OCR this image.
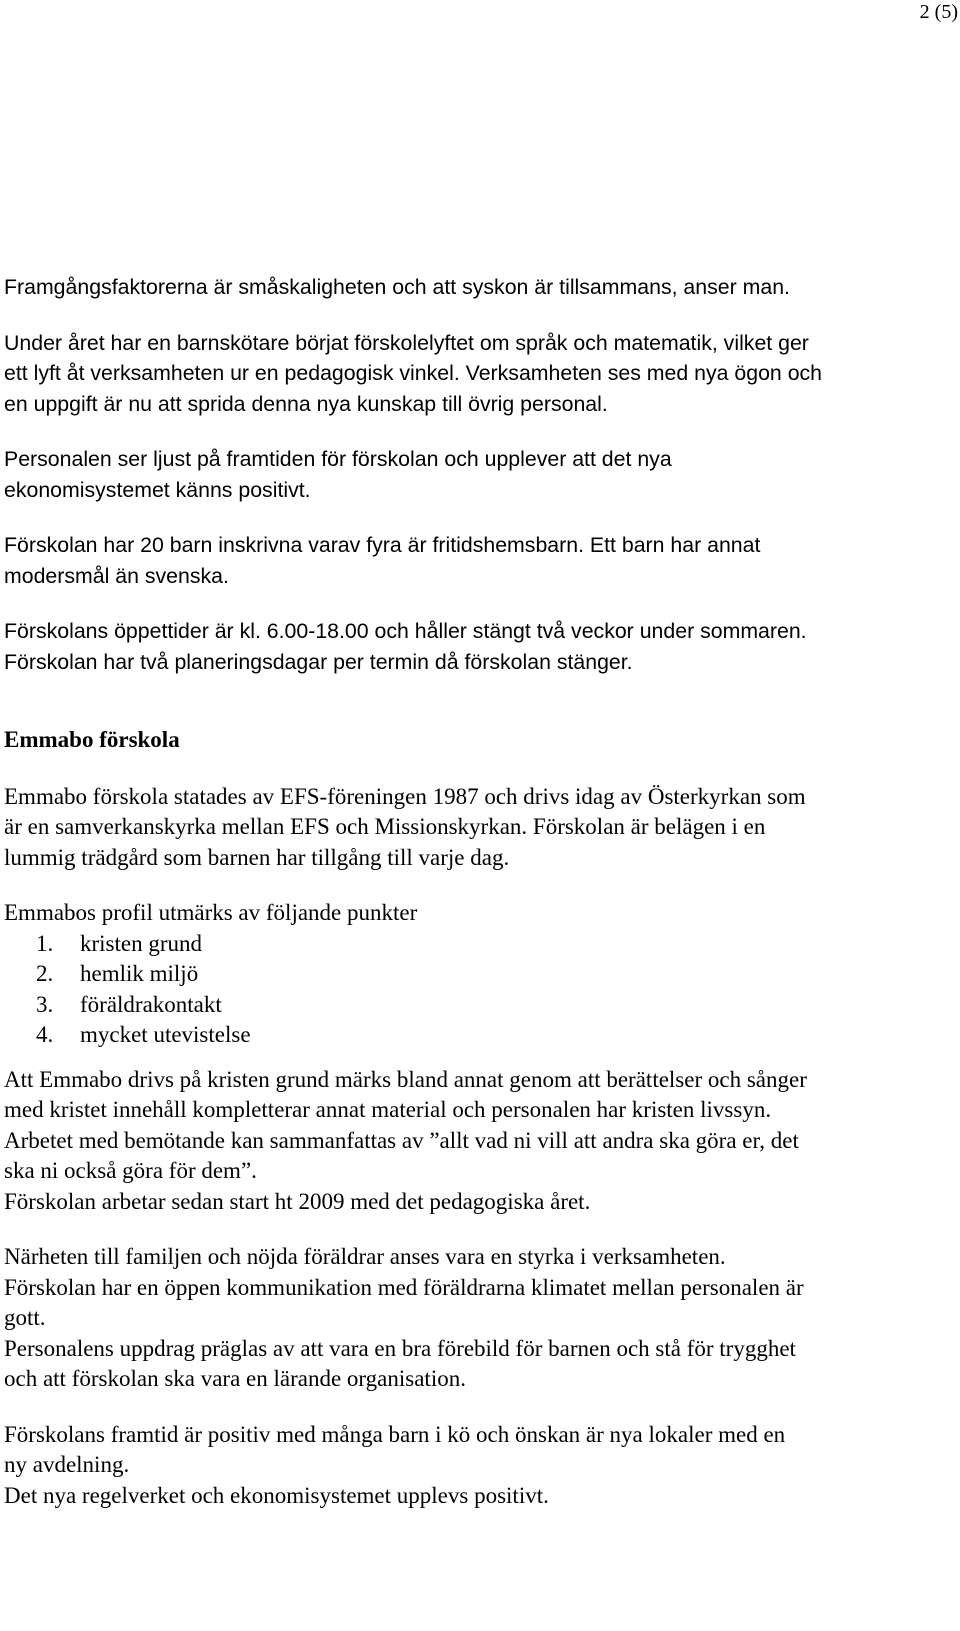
2 (5)

Framgångsfaktorerna är småskaligheten och att syskon är tillsammans, anser man.

Under året har en barnskötare börjat förskolelyftet om språk och matematik, vilket ger

ett lyft åt verksamheten ur en pedagogisk vinkel. Verksamheten ses med nya ögon och

en uppgift är nu att sprida denna nya kunskap till övrig personal.

Personalen ser ljust på framtiden för förskolan och upplever att det nya

ekonomisystemet känns positivt.

Förskolan har 20 barn inskrivna varav fyra är fritidshemsbarn. Ett barn har annat

modersmål än svenska.

Förskolans öppettider är kl. 6.00-18.00 och håller stängt två veckor under sommaren.

Förskolan har två planeringsdagar per termin då förskolan stänger.

Emmabo förskola

Emmabo förskola statades av EFS-föreningen 1987 och drivs idag av Österkyrkan som

är en samverkanskyrka mellan EFS och Missionskyrkan. Förskolan är belägen i en

lummig trädgård som barnen har tillgång till varje dag.

Emmabos profil utmärks av följande punkter

1. kristen grund
2. hemlik miljö
3. föräldrakontakt
4. mycket utevistelse

Att Emmabo drivs på kristen grund märks bland annat genom att berättelser och sånger

med kristet innehåll kompletterar annat material och personalen har kristen livssyn.

Arbetet med bemötande kan sammanfattas av ”allt vad ni vill att andra ska göra er, det

ska ni också göra för dem”.

Förskolan arbetar sedan start ht 2009 med det pedagogiska året.

Närheten till familjen och nöjda föräldrar anses vara en styrka i verksamheten.

Förskolan har en öppen kommunikation med föräldrarna klimatet mellan personalen är

gott.

Personalens uppdrag präglas av att vara en bra förebild för barnen och stå för trygghet

och att förskolan ska vara en lärande organisation.

Förskolans framtid är positiv med många barn i kö och önskan är nya lokaler med en

ny avdelning.

Det nya regelverket och ekonomisystemet upplevs positivt.
